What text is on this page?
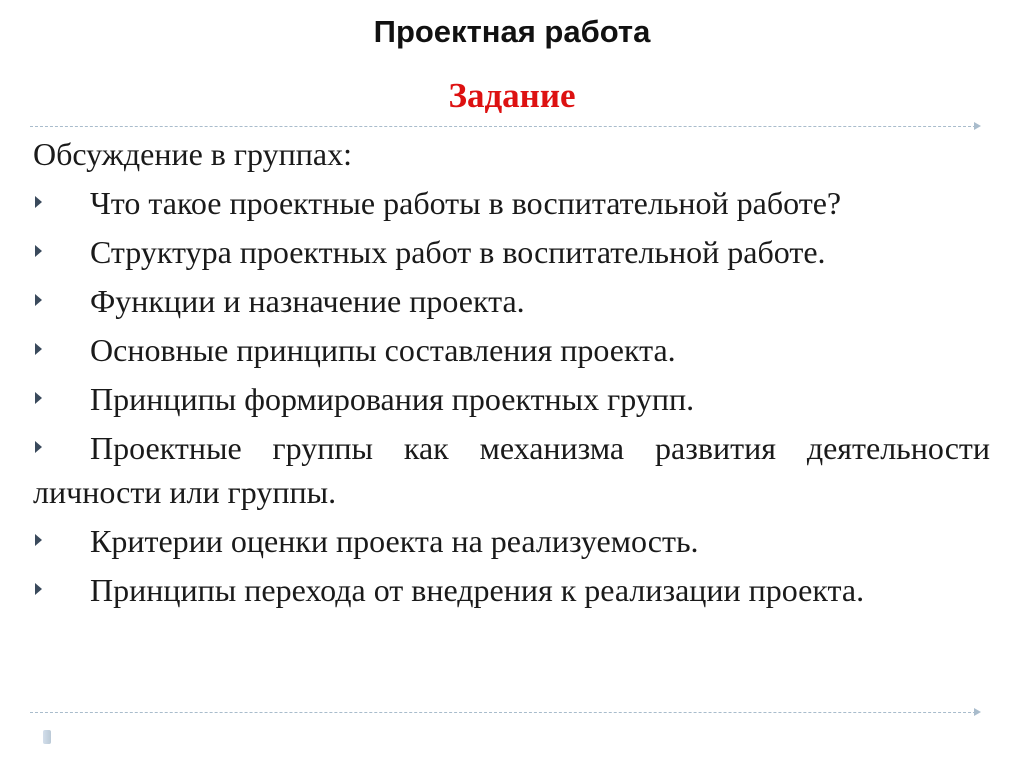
Проектная работа
Задание

Обсуждение в группах:

Что такое проектные работы в воспитательной работе?
Структура проектных работ в воспитательной работе.
Функции и назначение проекта.
Основные принципы составления проекта.
Принципы формирования проектных групп.
Проектные группы как механизма развития деятельности личности или группы.
Критерии оценки проекта на реализуемость.
Принципы перехода от внедрения к реализации проекта.
